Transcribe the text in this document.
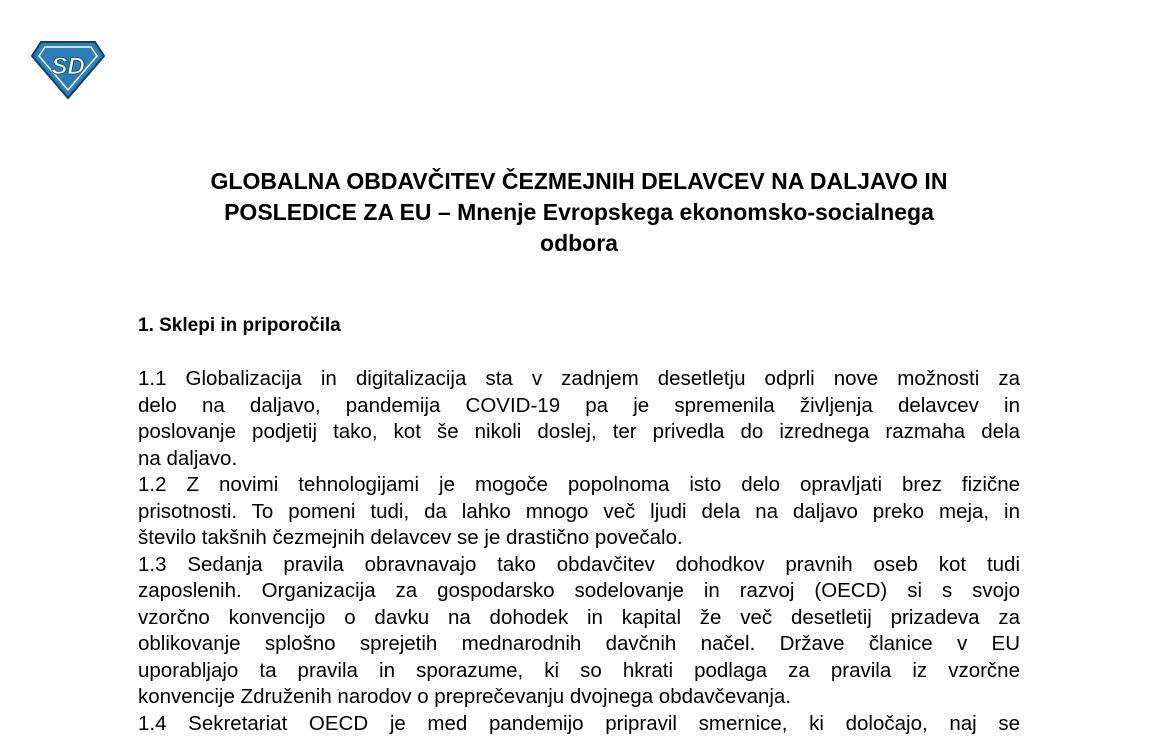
SD
GLOBALNA OBDAVČITEV ČEZMEJNIH DELAVCEV NA DALJAVO IN
POSLEDICE ZA EU – Mnenje Evropskega ekonomsko-socialnega
odbora
1. Sklepi in priporočila
1.1 Globalizacija in digitalizacija sta v zadnjem desetletju odprli nove možnosti za
delo na daljavo, pandemija COVID-19 pa je spremenila življenja delavcev in
poslovanje podjetij tako, kot še nikoli doslej, ter privedla do izrednega razmaha dela
na daljavo.
1.2 Z novimi tehnologijami je mogoče popolnoma isto delo opravljati brez fizične
prisotnosti. To pomeni tudi, da lahko mnogo več ljudi dela na daljavo preko meja, in
število takšnih čezmejnih delavcev se je drastično povečalo.
1.3 Sedanja pravila obravnavajo tako obdavčitev dohodkov pravnih oseb kot tudi
zaposlenih. Organizacija za gospodarsko sodelovanje in razvoj (OECD) si s svojo
vzorčno konvencijo o davku na dohodek in kapital že več desetletij prizadeva za
oblikovanje splošno sprejetih mednarodnih davčnih načel. Države članice v EU
uporabljajo ta pravila in sporazume, ki so hkrati podlaga za pravila iz vzorčne
konvencije Združenih narodov o preprečevanju dvojnega obdavčevanja.
1.4 Sekretariat OECD je med pandemijo pripravil smernice, ki določajo, naj se
